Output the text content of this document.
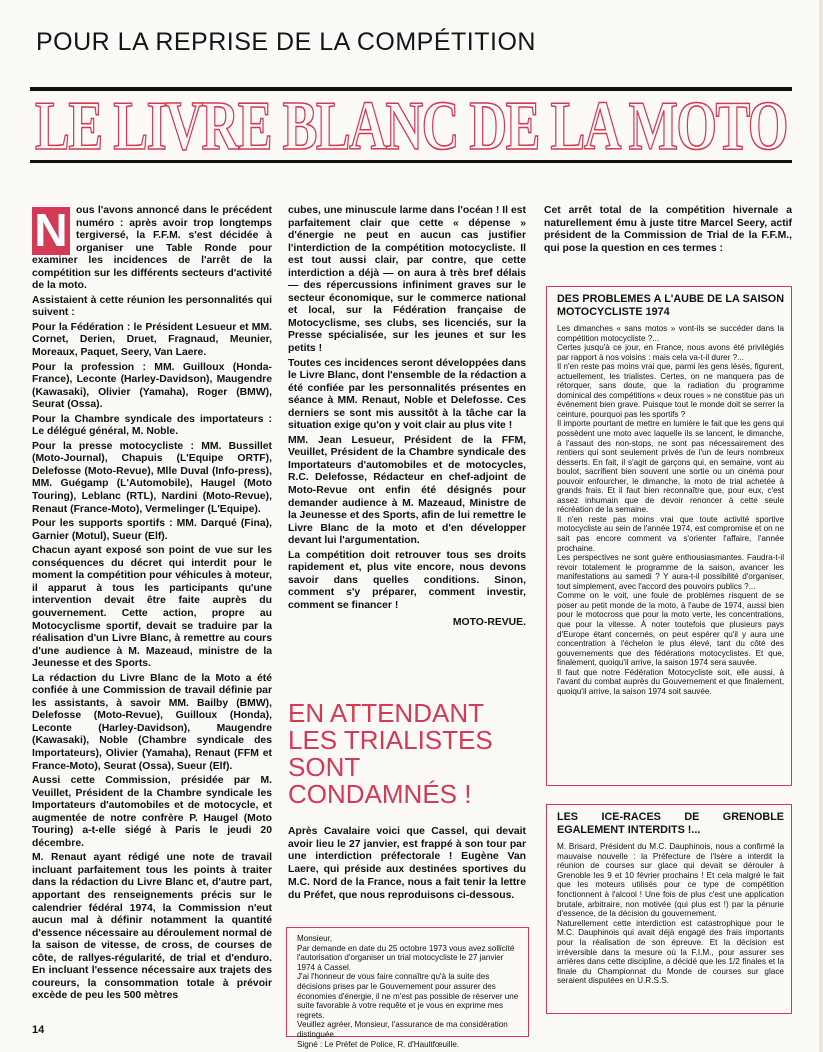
POUR LA REPRISE DE LA COMPÉTITION
LE LIVRE BLANC DE LA MOTO

N ous l'avons annoncé dans le précédent numéro : après avoir trop longtemps tergiversé, la F.F.M. s'est décidée à organiser une Table Ronde pour examiner les incidences de l'arrêt de la compétition sur les différents secteurs d'activité de la moto.

Assistaient à cette réunion les personnalités qui suivent :

Pour la Fédération : le Président Lesueur et MM. Cornet, Derien, Druet, Fragnaud, Meunier, Moreaux, Paquet, Seery, Van Laere.

Pour la profession : MM. Guilloux (Honda-France), Leconte (Harley-Davidson), Maugendre (Kawasaki), Olivier (Yamaha), Roger (BMW), Seurat (Ossa).

Pour la Chambre syndicale des importateurs : Le délégué général, M. Noble.

Pour la presse motocycliste : MM. Bussillet (Moto-Journal), Chapuis (L'Equipe ORTF), Delefosse (Moto-Revue), Mlle Duval (Info-press), MM. Guégamp (L'Automobile), Haugel (Moto Touring), Leblanc (RTL), Nardini (Moto-Revue), Renaut (France-Moto), Vermelinger (L'Equipe).

Pour les supports sportifs : MM. Darqué (Fina), Garnier (Motul), Sueur (Elf).

Chacun ayant exposé son point de vue sur les conséquences du décret qui interdit pour le moment la compétition pour véhicules à moteur, il apparut à tous les participants qu'une intervention devait être faite auprès du gouvernement. Cette action, propre au Motocyclisme sportif, devait se traduire par la réalisation d'un Livre Blanc, à remettre au cours d'une audience à M. Mazeaud, ministre de la Jeunesse et des Sports.

La rédaction du Livre Blanc de la Moto a été confiée à une Commission de travail définie par les assistants, à savoir MM. Bailby (BMW), Delefosse (Moto-Revue), Guilloux (Honda), Leconte (Harley-Davidson), Maugendre (Kawasaki), Noble (Chambre syndicale des Importateurs), Olivier (Yamaha), Renaut (FFM et France-Moto), Seurat (Ossa), Sueur (Elf).

Aussi cette Commission, présidée par M. Veuillet, Président de la Chambre syndicale les Importateurs d'automobiles et de motocycle, et augmentée de notre confrère P. Haugel (Moto Touring) a-t-elle siégé à Paris le jeudi 20 décembre.

M. Renaut ayant rédigé une note de travail incluant parfaitement tous les points à traiter dans la rédaction du Livre Blanc et, d'autre part, apportant des renseignements précis sur le calendrier fédéral 1974, la Commission n'eut aucun mal à définir notamment la quantité d'essence nécessaire au déroulement normal de la saison de vitesse, de cross, de courses de côte, de rallyes-régularité, de trial et d'enduro. En incluant l'essence nécessaire aux trajets des coureurs, la consommation totale à prévoir excède de peu les 500 mètres

cubes, une minuscule larme dans l'océan ! Il est parfaitement clair que cette « dépense » d'énergie ne peut en aucun cas justifier l'interdiction de la compétition motocycliste. Il est tout aussi clair, par contre, que cette interdiction a déjà — on aura à très bref délais — des répercussions infiniment graves sur le secteur économique, sur le commerce national et local, sur la Fédération française de Motocyclisme, ses clubs, ses licenciés, sur la Presse spécialisée, sur les jeunes et sur les petits !

Toutes ces incidences seront développées dans le Livre Blanc, dont l'ensemble de la rédaction a été confiée par les personnalités présentes en séance à MM. Renaut, Noble et Delefosse. Ces derniers se sont mis aussitôt à la tâche car la situation exige qu'on y voit clair au plus vite !

MM. Jean Lesueur, Président de la FFM, Veuillet, Président de la Chambre syndicale des Importateurs d'automobiles et de motocycles, R.C. Delefosse, Rédacteur en chef-adjoint de Moto-Revue ont enfin été désignés pour demander audience à M. Mazeaud, Ministre de la Jeunesse et des Sports, afin de lui remettre le Livre Blanc de la moto et d'en développer devant lui l'argumentation.

La compétition doit retrouver tous ses droits rapidement et, plus vite encore, nous devons savoir dans quelles conditions. Sinon, comment s'y préparer, comment investir, comment se financer !

MOTO-REVUE.
EN ATTENDANT LES TRIALISTES SONT CONDAMNÉS !
Après Cavalaire voici que Cassel, qui devait avoir lieu le 27 janvier, est frappé à son tour par une interdiction préfectorale ! Eugène Van Laere, qui préside aux destinées sportives du M.C. Nord de la France, nous a fait tenir la lettre du Préfet, que nous reproduisons ci-dessous.

Monsieur,

Par demande en date du 25 octobre 1973 vous avez sollicité l'autorisation d'organiser un trial motocycliste le 27 janvier 1974 à Cassel.

J'ai l'honneur de vous faire connaître qu'à la suite des décisions prises par le Gouvernement pour assurer des économies d'énergie, il ne m'est pas possible de réserver une suite favorable à votre requête et je vous en exprime mes regrets.

Veuillez agréer, Monsieur, l'assurance de ma considération distinguée.

Signé : Le Préfet de Police, R. d'Haultfœuille.

Cet arrêt total de la compétition hivernale a naturellement ému à juste titre Marcel Seery, actif président de la Commission de Trial de la F.F.M., qui pose la question en ces termes :

DES PROBLEMES A L'AUBE DE LA SAISON MOTOCYCLISTE 1974

Les dimanches « sans motos » vont-ils se succéder dans la compétition motocycliste ?...

Certes jusqu'à ce jour, en France, nous avons été privilégiés par rapport à nos voisins : mais cela va-t-il durer ?...

Il n'en reste pas moins vrai que, parmi les gens lésés, figurent, actuellement, les trialistes. Certes, on ne manquera pas de rétorquer, sans doute, que la radiation du programme dominical des compétitions « deux roues » ne constitue pas un événement bien grave. Puisque tout le monde doit se serrer la ceinture, pourquoi pas les sportifs ?

Il importe pourtant de mettre en lumière le fait que les gens qui possèdent une moto avec laquelle ils se lancent, le dimanche, à l'assaut des non-stops, ne sont pas nécessairement des rentiers qui sont seulement privés de l'un de leurs nombreux desserts. En fait, il s'agit de garçons qui, en semaine, vont au boulot, sacrifient bien souvent une sortie ou un cinéma pour pouvoir enfourcher, le dimanche, la moto de trial achetée à grands frais. Et il faut bien reconnaître que, pour eux, c'est assez inhumain que de devoir renoncer à cette seule récréation de la semaine.

Il n'en reste pas moins vrai que toute activité sportive motocycliste au sein de l'année 1974, est compromise et on ne sait pas encore comment va s'orienter l'affaire, l'année prochaine.

Les perspectives ne sont guère enthousiasmantes. Faudra-t-il revoir totalement le programme de la saison, avancer les manifestations au samedi ? Y aura-t-il possibilité d'organiser, tout simplement, avec l'accord des pouvoirs publics ?...

Comme on le voit, une foule de problèmes risquent de se poser au petit monde de la moto, à l'aube de 1974, aussi bien pour le motocross que pour la moto verte, les concentrations, que pour la vitesse. À noter toutefois que plusieurs pays d'Europe étant concernés, on peut espérer qu'il y aura une concentration à l'échelon le plus élevé, tant du côté des gouvernements que des fédérations motocyclistes. Et que, finalement, quoiqu'il arrive, la saison 1974 sera sauvée.

Il faut que notre Fédération Motocycliste soit, elle aussi, à l'avant du combat auprès du Gouvernement et que finalement, quoiqu'il arrive, la saison 1974 soit sauvée.

LES ICE-RACES DE GRENOBLE EGALEMENT INTERDITS !...

M. Brisard, Président du M.C. Dauphinois, nous a confirmé la mauvaise nouvelle : la Préfecture de l'Isère a interdit la réunion de courses sur glace qui devait se dérouler à Grenoble les 9 et 10 février prochains ! Et cela malgré le fait que les moteurs utilisés pour ce type de compétition fonctionnent à l'alcool ! Une fois de plus c'est une application brutale, arbitraire, non motivée (qui plus est !) par la pénurie d'essence, de la décision du gouvernement.

Naturellement cette interdiction est catastrophique pour le M.C. Dauphinois qui avait déjà engagé des frais importants pour la réalisation de son épreuve. Et la décision est irréversible dans la mesure où la F.I.M., pour assurer ses arrières dans cette discipline, a décidé que les 1/2 finales et la finale du Championnat du Monde de courses sur glace seraient disputées en U.R.S.S.

14
